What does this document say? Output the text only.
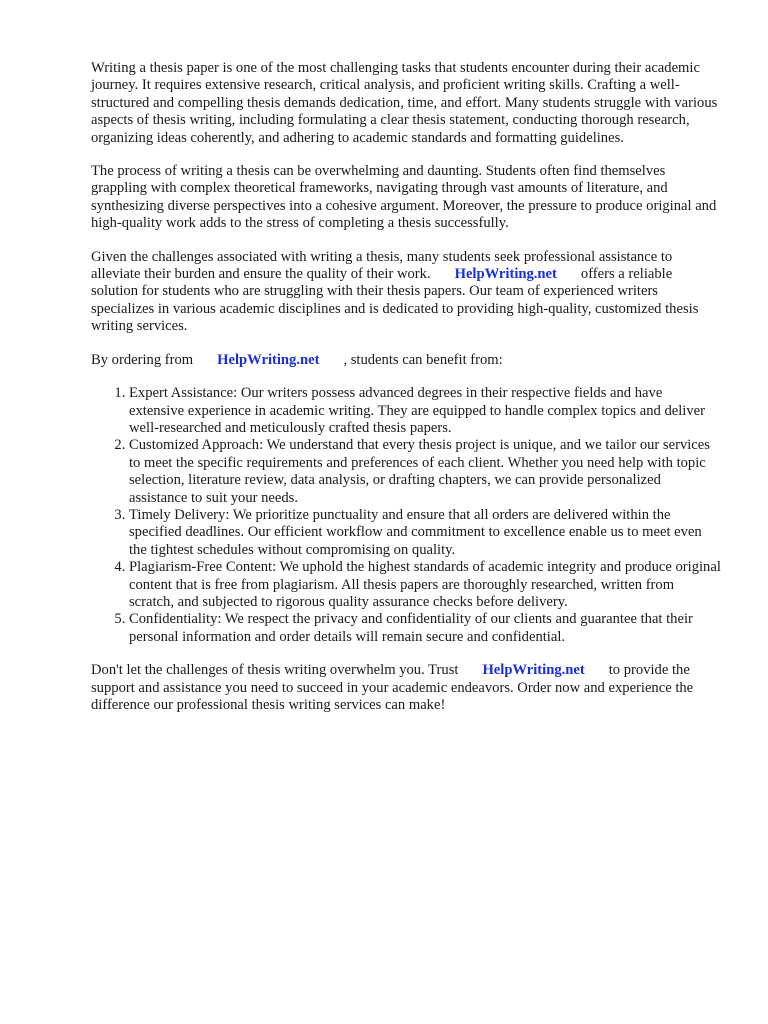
Writing a thesis paper is one of the most challenging tasks that students encounter during their academic journey. It requires extensive research, critical analysis, and proficient writing skills. Crafting a well-structured and compelling thesis demands dedication, time, and effort. Many students struggle with various aspects of thesis writing, including formulating a clear thesis statement, conducting thorough research, organizing ideas coherently, and adhering to academic standards and formatting guidelines.

The process of writing a thesis can be overwhelming and daunting. Students often find themselves grappling with complex theoretical frameworks, navigating through vast amounts of literature, and synthesizing diverse perspectives into a cohesive argument. Moreover, the pressure to produce original and high-quality work adds to the stress of completing a thesis successfully.

Given the challenges associated with writing a thesis, many students seek professional assistance to alleviate their burden and ensure the quality of their work. HelpWriting.net offers a reliable solution for students who are struggling with their thesis papers. Our team of experienced writers specializes in various academic disciplines and is dedicated to providing high-quality, customized thesis writing services.

By ordering from HelpWriting.net , students can benefit from:

1. Expert Assistance: Our writers possess advanced degrees in their respective fields and have extensive experience in academic writing. They are equipped to handle complex topics and deliver well-researched and meticulously crafted thesis papers.
2. Customized Approach: We understand that every thesis project is unique, and we tailor our services to meet the specific requirements and preferences of each client. Whether you need help with topic selection, literature review, data analysis, or drafting chapters, we can provide personalized assistance to suit your needs.
3. Timely Delivery: We prioritize punctuality and ensure that all orders are delivered within the specified deadlines. Our efficient workflow and commitment to excellence enable us to meet even the tightest schedules without compromising on quality.
4. Plagiarism-Free Content: We uphold the highest standards of academic integrity and produce original content that is free from plagiarism. All thesis papers are thoroughly researched, written from scratch, and subjected to rigorous quality assurance checks before delivery.
5. Confidentiality: We respect the privacy and confidentiality of our clients and guarantee that their personal information and order details will remain secure and confidential.

Don't let the challenges of thesis writing overwhelm you. Trust HelpWriting.net to provide the support and assistance you need to succeed in your academic endeavors. Order now and experience the difference our professional thesis writing services can make!
